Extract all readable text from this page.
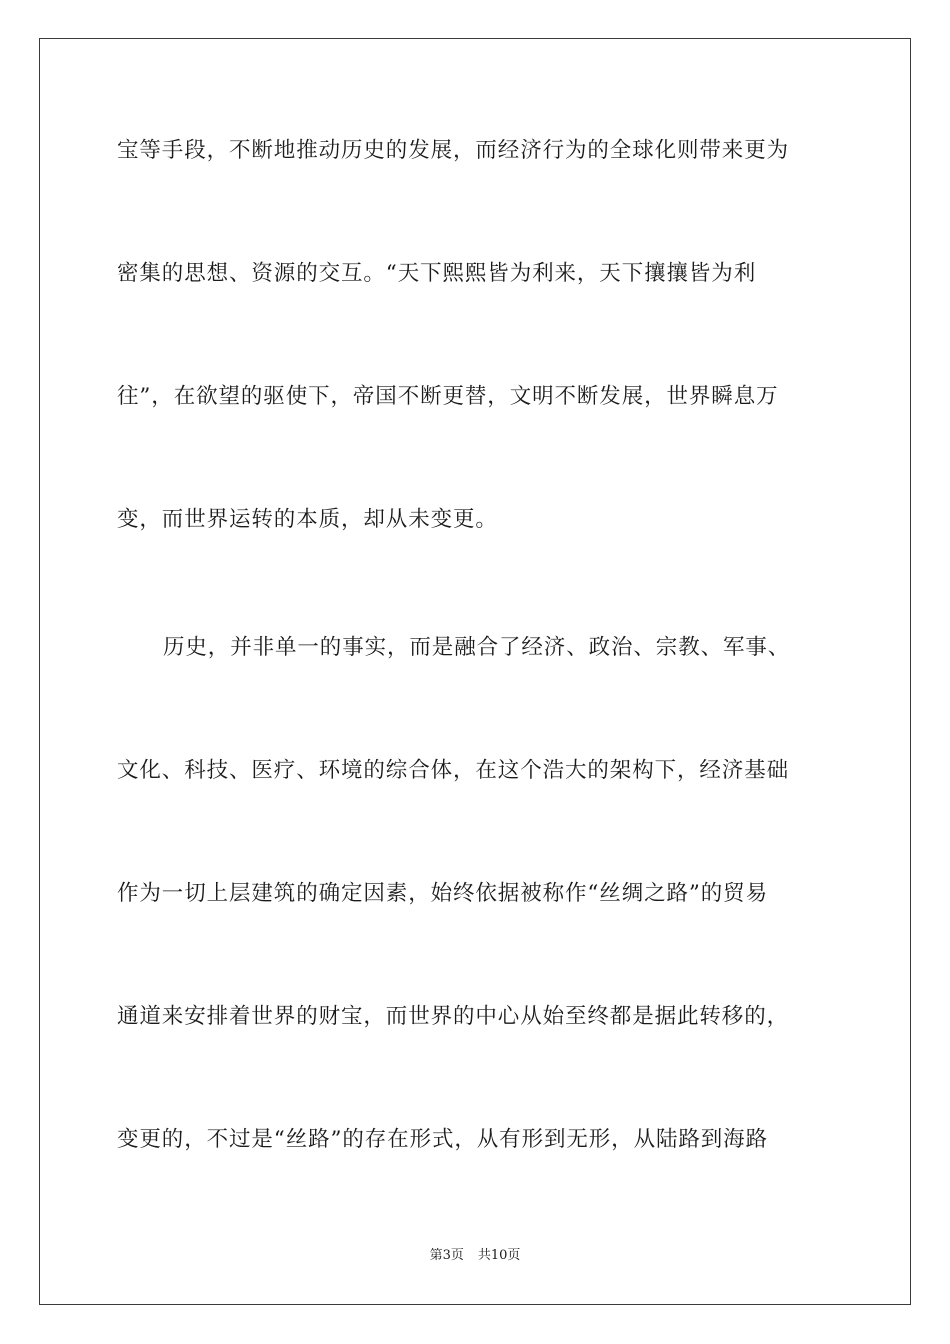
宝等手段，不断地推动历史的发展，而经济行为的全球化则带来更为
密集的思想、资源的交互。“天下熙熙皆为利来，天下攘攘皆为利
往”，在欲望的驱使下，帝国不断更替，文明不断发展，世界瞬息万
变，而世界运转的本质，却从未变更。
历史，并非单一的事实，而是融合了经济、政治、宗教、军事、
文化、科技、医疗、环境的综合体，在这个浩大的架构下，经济基础
作为一切上层建筑的确定因素，始终依据被称作“丝绸之路”的贸易
通道来安排着世界的财宝，而世界的中心从始至终都是据此转移的，
变更的，不过是“丝路”的存在形式，从有形到无形，从陆路到海路
第3页 共10页
